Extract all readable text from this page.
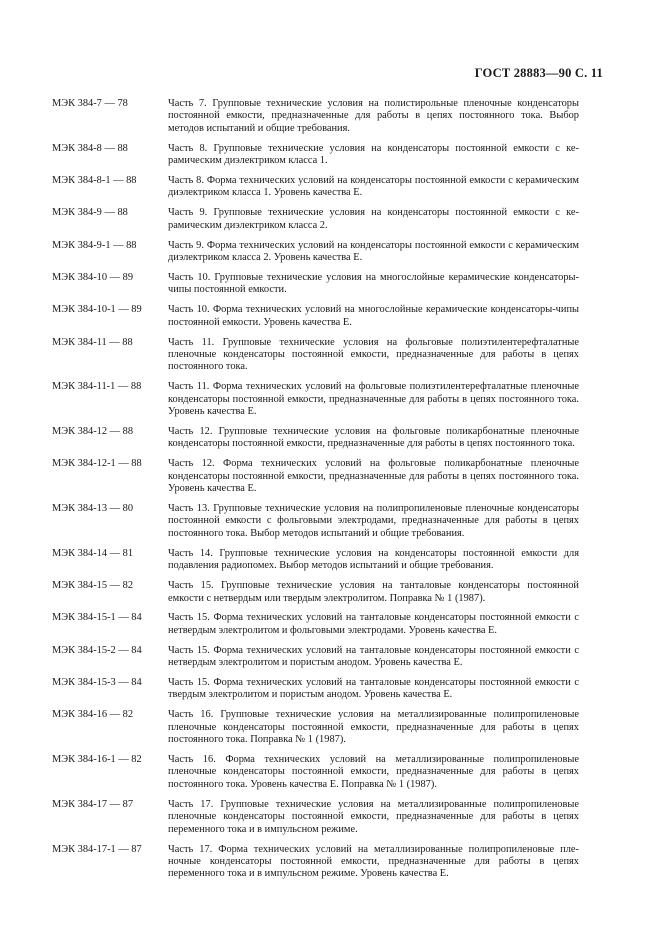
ГОСТ 28883—90 С. 11
МЭК 384-7 — 78	Часть 7. Групповые технические условия на полистирольные пленочные конденсаторы постоянной емкости, предназначенные для работы в цепях постоянного тока. Выбор методов испытаний и общие требования.
МЭК 384-8 — 88	Часть 8. Групповые технические условия на конденсаторы постоянной емкости с керамическим диэлектриком класса 1.
МЭК 384-8-1 — 88	Часть 8. Форма технических условий на конденсаторы постоянной емкости с керамическим диэлектриком класса 1. Уровень качества Е.
МЭК 384-9 — 88	Часть 9. Групповые технические условия на конденсаторы постоянной емкости с керамическим диэлектриком класса 2.
МЭК 384-9-1 — 88	Часть 9. Форма технических условий на конденсаторы постоянной емкости с керамическим диэлектриком класса 2. Уровень качества Е.
МЭК 384-10 — 89	Часть 10. Групповые технические условия на многослойные керамические конденсаторы-чипы постоянной емкости.
МЭК 384-10-1 — 89	Часть 10. Форма технических условий на многослойные керамические конденсаторы-чипы постоянной емкости. Уровень качества Е.
МЭК 384-11 — 88	Часть 11. Групповые технические условия на фольговые полиэтилентерефталатные пленочные конденсаторы постоянной емкости, предназначенные для работы в цепях постоянного тока.
МЭК 384-11-1 — 88	Часть 11. Форма технических условий на фольговые полиэтилентерефталатные пленочные конденсаторы постоянной емкости, предназначенные для работы в цепях постоянного тока. Уровень качества Е.
МЭК 384-12 — 88	Часть 12. Групповые технические условия на фольговые поликарбонатные пленочные конденсаторы постоянной емкости, предназначенные для работы в цепях постоянного тока.
МЭК 384-12-1 — 88	Часть 12. Форма технических условий на фольговые поликарбонатные пленочные конденсаторы постоянной емкости, предназначенные для работы в цепях постоянного тока. Уровень качества Е.
МЭК 384-13 — 80	Часть 13. Групповые технические условия на полипропиленовые пленочные конденсаторы постоянной емкости с фольговыми электродами, предназначенные для работы в цепях постоянного тока. Выбор методов испытаний и общие требования.
МЭК 384-14 — 81	Часть 14. Групповые технические условия на конденсаторы постоянной емкости для подавления радиопомех. Выбор методов испытаний и общие требования.
МЭК 384-15 — 82	Часть 15. Групповые технические условия на танталовые конденсаторы постоянной емкости с нетвердым или твердым электролитом. Поправка № 1 (1987).
МЭК 384-15-1 — 84	Часть 15. Форма технических условий на танталовые конденсаторы постоянной емкости с нетвердым электролитом и фольговыми электродами. Уровень качества Е.
МЭК 384-15-2 — 84	Часть 15. Форма технических условий на танталовые конденсаторы постоянной емкости с нетвердым электролитом и пористым анодом. Уровень качества Е.
МЭК 384-15-3 — 84	Часть 15. Форма технических условий на танталовые конденсаторы постоянной емкости с твердым электролитом и пористым анодом. Уровень качества Е.
МЭК 384-16 — 82	Часть 16. Групповые технические условия на металлизированные полипропиленовые пленочные конденсаторы постоянной емкости, предназначенные для работы в цепях постоянного тока. Поправка № 1 (1987).
МЭК 384-16-1 — 82	Часть 16. Форма технических условий на металлизированные полипропиленовые пленочные конденсаторы постоянной емкости, предназначенные для работы в цепях постоянного тока. Уровень качества Е. Поправка № 1 (1987).
МЭК 384-17 — 87	Часть 17. Групповые технические условия на металлизированные полипропиленовые пленочные конденсаторы постоянной емкости, предназначенные для работы в цепях переменного тока и в импульсном режиме.
МЭК 384-17-1 — 87	Часть 17. Форма технических условий на металлизированные полипропиленовые пленочные конденсаторы постоянной емкости, предназначенные для работы в цепях переменного тока и в импульсном режиме. Уровень качества Е.
